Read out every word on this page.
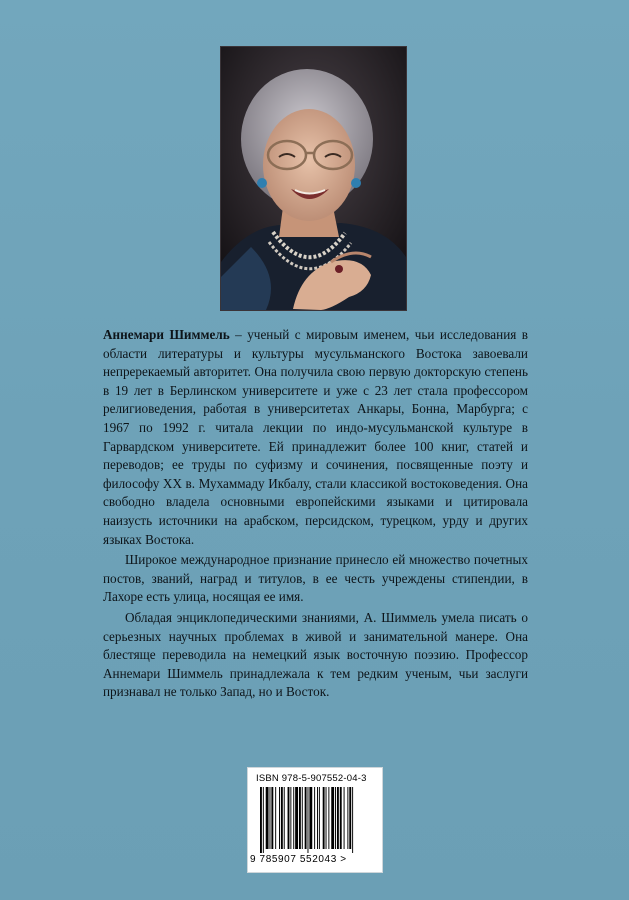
Аннемари Шиммель – ученый с мировым именем, чьи исследования в области литературы и культуры мусульманского Востока завоевали непререкаемый авторитет. Она получила свою первую докторскую степень в 19 лет в Берлинском университете и уже с 23 лет стала профессором религиоведения, работая в университетах Анкары, Бонна, Марбурга; с 1967 по 1992 г. читала лекции по индо-мусульманской культуре в Гарвардском университете. Ей принадлежит более 100 книг, статей и переводов; ее труды по суфизму и сочинения, посвященные поэту и философу XX в. Мухаммаду Икбалу, стали классикой востоковедения. Она свободно владела основными европейскими языками и цитировала наизусть источники на арабском, персидском, турецком, урду и других языках Востока.

Широкое международное признание принесло ей множество почетных постов, званий, наград и титулов, в ее честь учреждены стипендии, в Лахоре есть улица, носящая ее имя.

Обладая энциклопедическими знаниями, А. Шиммель умела писать о серьезных научных проблемах в живой и занимательной манере. Она блестяще переводила на немецкий язык восточную поэзию. Профессор Аннемари Шиммель принадлежала к тем редким ученым, чьи заслуги признавал не только Запад, но и Восток.

ISBN 978-5-907552-04-3
9 785907 552043 >
